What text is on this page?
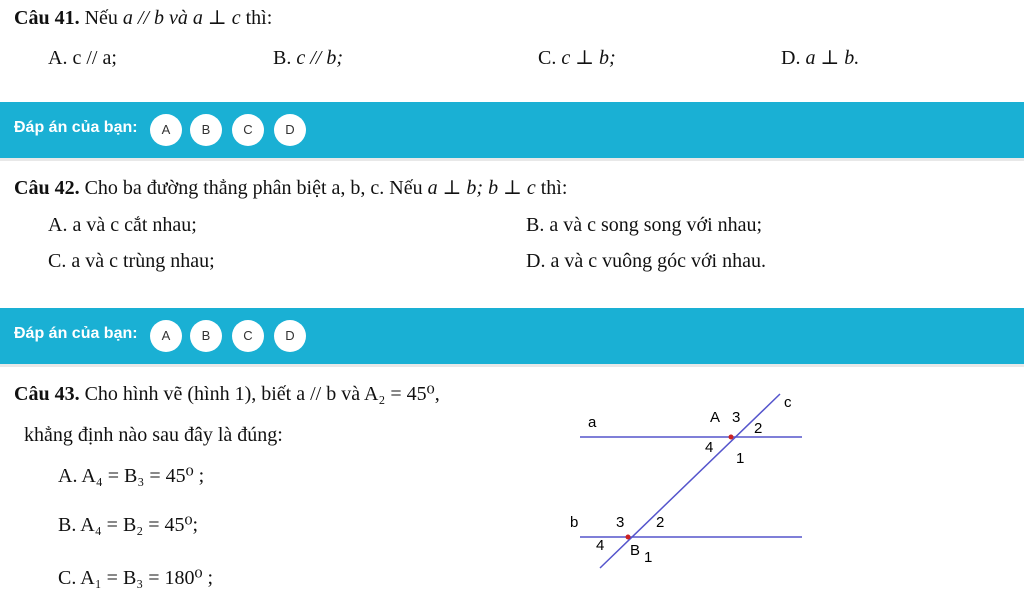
Câu 41. Nếu a // b và a ⊥ c thì:
A. c // a;	B. c // b;	C. c ⊥ b;	D. a ⊥ b.
Đáp án của bạn:	A	B	C	D
Câu 42. Cho ba đường thẳng phân biệt a, b, c. Nếu a ⊥ b; b ⊥ c thì:
A. a và c cắt nhau;	B. a và c song song với nhau;
C. a và c trùng nhau;	D. a và c vuông góc với nhau.
Đáp án của bạn:	A	B	C	D
Câu 43. Cho hình vẽ (hình 1), biết a // b và A₂ = 45⁰,
khẳng định nào sau đây là đúng:
A. A₄ = B₃ = 45⁰ ;
B. A₄ = B₂ = 45⁰;
C. A₁ = B₃ = 180⁰ ;
a
b
c
A 3
2
4
1
3 2
4 B 1
